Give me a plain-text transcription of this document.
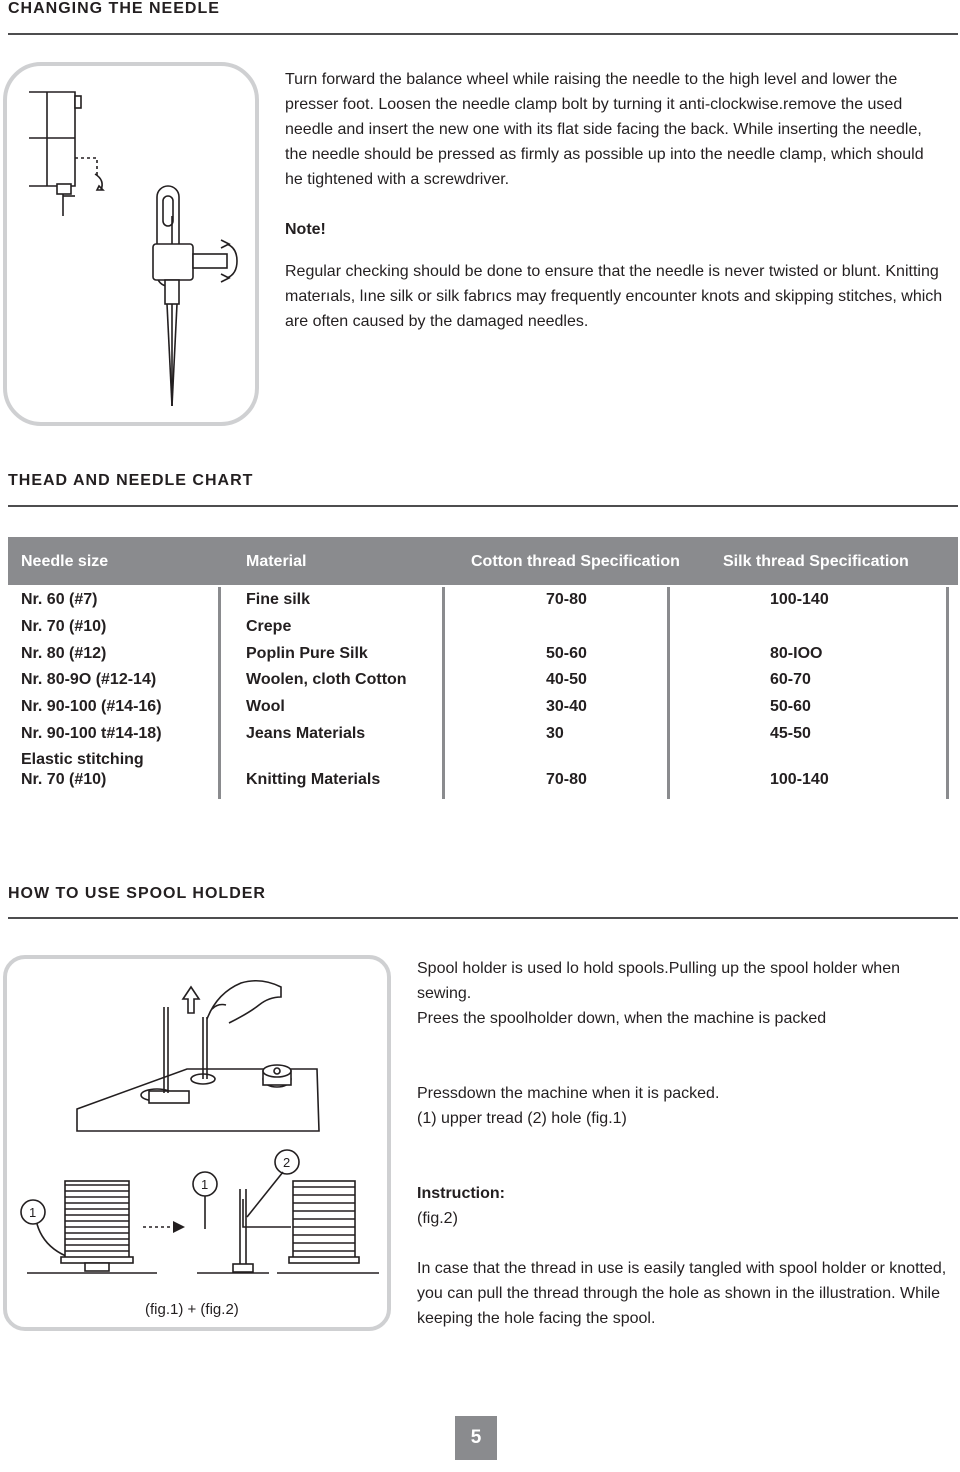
CHANGING THE NEEDLE

Turn forward the balance wheel while raising the needle to the high level and lower the presser foot. Loosen the needle clamp bolt by turning it anti-clockwise.remove the used needle and insert the new one with its flat side facing the back. While inserting the needle, the needle should be pressed as firmly as possible up into the needle clamp, which should he tightened with a screwdriver.

Note!

Regular checking should be done to ensure that the needle is never twisted or blunt. Knitting materıals, lıne silk or silk fabrıcs may frequently encounter knots and skipping stitches, which are often caused by the damaged needles.

THEAD AND NEEDLE CHART
Needle size	Material	Cotton thread Specification	Silk thread Specification
Nr. 60 (#7)	Fine silk	70-80	100-140
Nr. 70 (#10)	Crepe
Nr. 80 (#12)	Poplin Pure Silk	50-60	80-IOO
Nr. 80-9O (#12-14)	Woolen, cloth Cotton	40-50	60-70
Nr. 90-100 (#14-16)	Wool	30-40	50-60
Nr. 90-100 t#14-18)	Jeans Materials	30	45-50
Elastic stitching
Nr. 70 (#10)	Knitting Materials	70-80	100-140
HOW TO USE SPOOL HOLDER
1
1
2
(fig.1) + (fig.2)

Spool holder is used lo hold spools.Pulling up the spool holder when sewing.

Prees the spoolholder down, when the machine is packed

Pressdown the machine when it is packed.

(1) upper tread (2) hole (fig.1)

Instruction:

(fig.2)

In case that the thread in use is easily tangled with spool holder or knotted, you can pull the thread through the hole as shown in the illustration. While keeping the hole facing the spool.

5
